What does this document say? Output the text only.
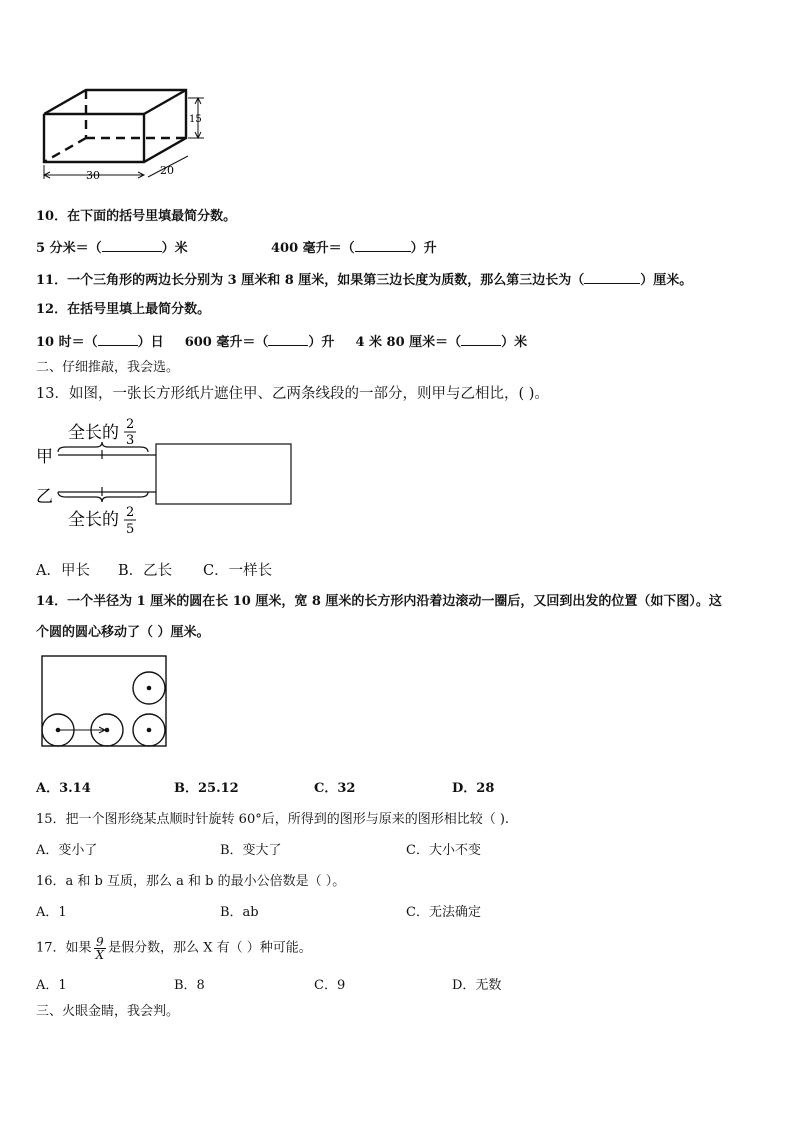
15
30	20
10．在下面的括号里填最简分数。
5 分米＝（	）米	400 毫升＝（	）升
11．一个三角形的两边长分别为 3 厘米和 8 厘米，如果第三边长度为质数，那么第三边长为（	）厘米。
12．在括号里填上最简分数。
10 时＝（	）日 600 毫升＝（	）升 4 米 80 厘米＝（	）米
二、仔细推敲，我会选。
13．如图，一张长方形纸片遮住甲、乙两条线段的一部分，则甲与乙相比，( )。
甲
乙
全长的 2
3
全长的 2
5
A．甲长 B．乙长 C．一样长
14．一个半径为 1 厘米的圆在长 10 厘米，宽 8 厘米的长方形内沿着边滚动一圈后，又回到出发的位置（如下图）。这
个圆的圆心移动了（ ）厘米。
A．3.14	B．25.12	C．32	D．28
15．把一个图形绕某点顺时针旋转 60°后，所得到的图形与原来的图形相比较（ ).
A．变小了	B．变大了	C．大小不变
16．a 和 b 互质，那么 a 和 b 的最小公倍数是（ ）。
A．1	B．ab	C．无法确定
17．如果 $\frac{9}{X}$ 是假分数，那么 X 有（ ）种可能。
A．1	B．8	C．9	D．无数
三、火眼金睛，我会判。
